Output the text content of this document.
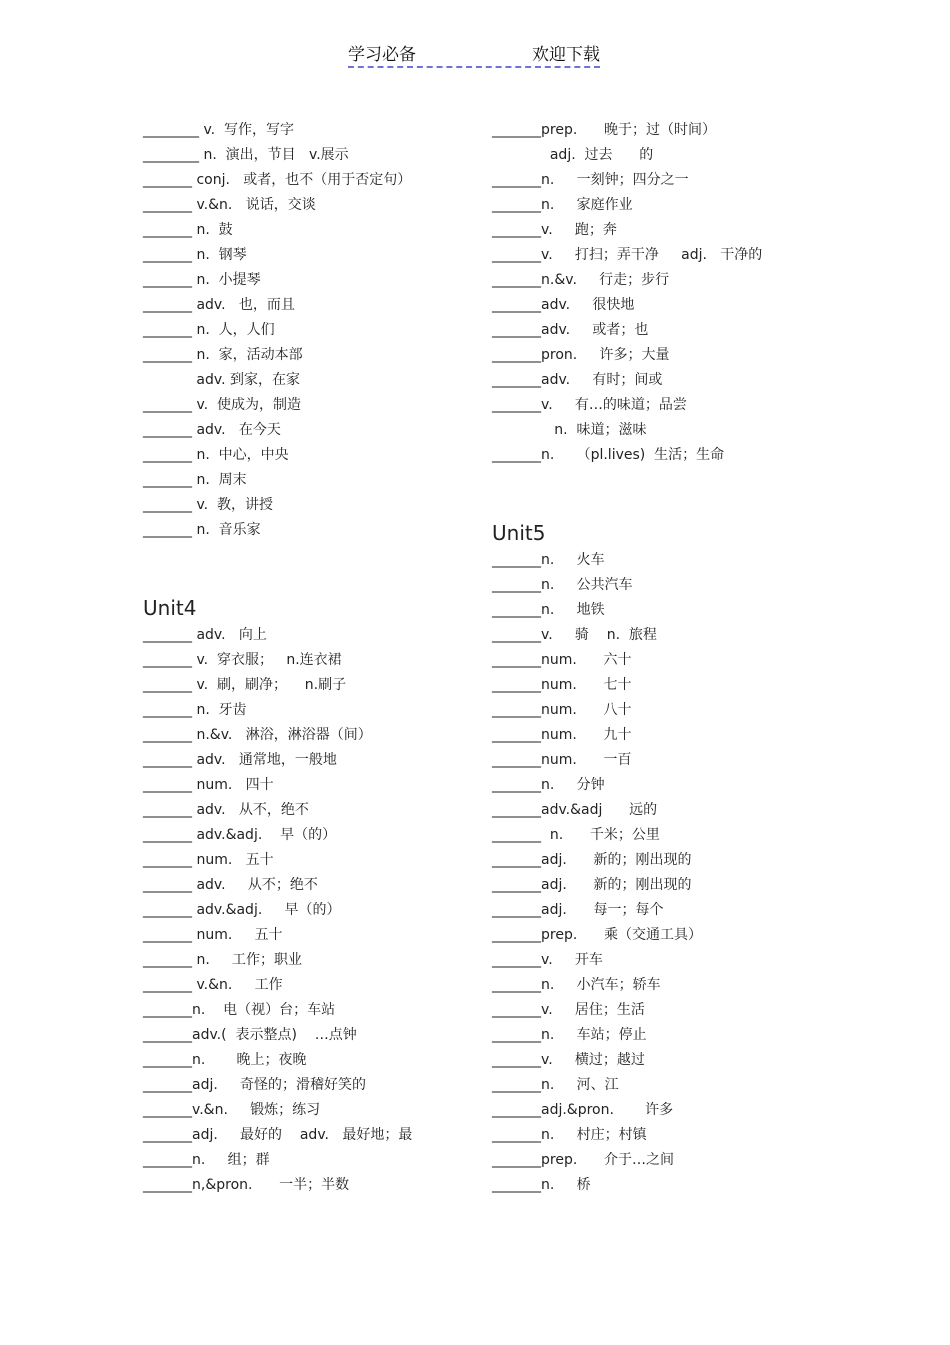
学习必备	欢迎下载
________ v.  写作，写字
________ n.  演出，节目   v.展示
_______ conj.   或者，也不（用于否定句）
_______ v.&n.   说话，交谈
_______ n.  鼓
_______ n.  钢琴
_______ n.  小提琴
_______ adv.   也，而且
_______ n.  人，人们
_______ n.  家，活动本部
adv. 到家，在家
_______ v.  使成为，制造
_______ adv.   在今天
_______ n.  中心，中央
_______ n.  周末
_______ v.  教，讲授
_______ n.  音乐家
Unit4
_______ adv.   向上
_______ v.  穿衣服；   n.连衣裙
_______ v.  刷，刷净；    n.刷子
_______ n.  牙齿
_______ n.&v.   淋浴，淋浴器（间）
_______ adv.   通常地，一般地
_______ num.   四十
_______ adv.   从不，绝不
_______ adv.&adj.    早（的）
_______ num.   五十
_______ adv.     从不；绝不
_______ adv.&adj.     早（的）
_______ num.     五十
_______ n.     工作；职业
_______ v.&n.     工作
_______n.    电（视）台；车站
_______adv.(  表示整点)    …点钟
_______n.       晚上；夜晚
_______adj.     奇怪的；滑稽好笑的
_______v.&n.     锻炼；练习
_______adj.     最好的    adv.   最好地；最
_______n.     组；群
_______n,&pron.      一半；半数
_______prep.      晚于；过（时间）
adj.  过去      的
_______n.     一刻钟；四分之一
_______n.     家庭作业
_______v.     跑；奔
_______v.     打扫；弄干净     adj.   干净的
_______n.&v.     行走；步行
_______adv.     很快地
_______adv.     或者；也
_______pron.     许多；大量
_______adv.     有时；间或
_______v.     有…的味道；品尝
n.  味道；滋味
_______n.     （pl.lives)  生活；生命
Unit5
_______n.     火车
_______n.     公共汽车
_______n.     地铁
_______v.     骑    n.  旅程
_______num.      六十
_______num.      七十
_______num.      八十
_______num.      九十
_______num.      一百
_______n.     分钟
_______adv.&adj      远的
_______  n.      千米；公里
_______adj.      新的；刚出现的
_______adj.      新的；刚出现的
_______adj.      每一；每个
_______prep.      乘（交通工具）
_______v.     开车
_______n.     小汽车；轿车
_______v.     居住；生活
_______n.     车站；停止
_______v.     横过；越过
_______n.     河、江
_______adj.&pron.       许多
_______n.     村庄；村镇
_______prep.      介于…之间
_______n.     桥
